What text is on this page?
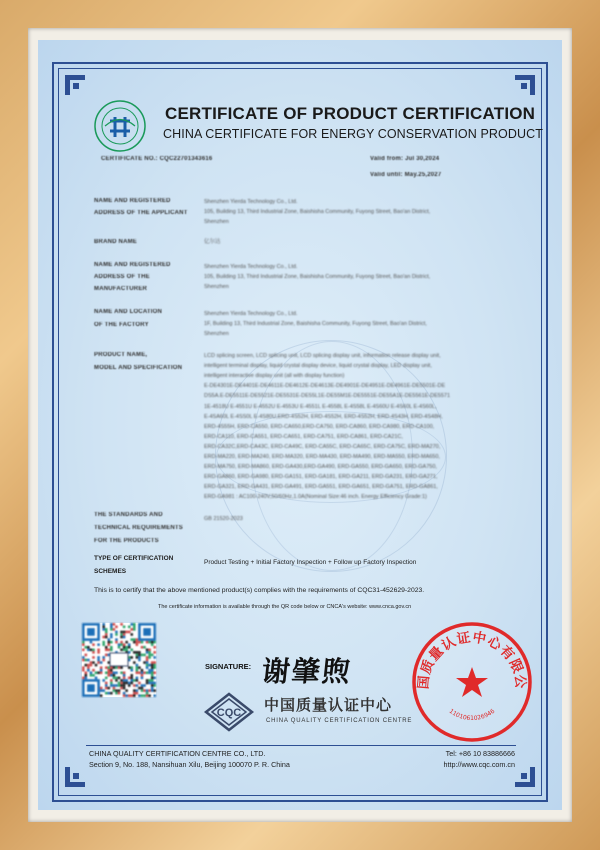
CERTIFICATE OF PRODUCT CERTIFICATION
CHINA CERTIFICATE FOR ENERGY CONSERVATION PRODUCT
CERTIFICATE NO.: CQC22701343616	Valid from: Jul 30,2024
Valid until: May.25,2027
NAME AND REGISTERED
ADDRESS OF THE APPLICANT
Shenzhen Yierda Technology Co., Ltd.
105, Building 13, Third Industrial Zone, Baishisha Community, Fuyong Street, Bao'an District,
Shenzhen
BRAND NAME	亿尔达
NAME AND REGISTERED
ADDRESS OF THE
MANUFACTURER
Shenzhen Yierda Technology Co., Ltd.
105, Building 13, Third Industrial Zone, Baishisha Community, Fuyong Street, Bao'an District,
Shenzhen
NAME AND LOCATION
OF THE FACTORY
Shenzhen Yierda Technology Co., Ltd.
1F, Building 13, Third Industrial Zone, Baishisha Community, Fuyong Street, Bao'an District,
Shenzhen
PRODUCT NAME,
MODEL AND SPECIFICATION
LCD splicing screen, LCD splicing unit, LCD splicing display unit, information release display unit,
intelligent terminal display, liquid crystal display device, liquid crystal display, LED display unit,
intelligent interactive display unit (all with display function)
E-DE4301E-DE4401E-DE4611E-DE4612E-DE4613E-DE4901E-DE4951E-DE4961E-DE5501E-DE
DS5A.E-DE5511E-DE5521E-DE5531E-DE55L1E-DE55M1E-DE5551E-DE55A1E-DE5561E-DE5571
1E-4518U E-4551U E-4552U E-4553U E-4551L E-4558L E-4S58L E-4S60U E-4S60L E-4S60L,
E-4SA60L E-4SS0L E-4S80U,ERD-4S52H, ERD-4S52H, ERD-4S52H, ERD-4S43H, ERD-4S48H,
ERD-4S55H, ERD-CA550, ERD-CA650,ERD-CA750, ERD-CA860, ERD-CA980, ERD-CA100,
ERD-CA110, ERD-CA551, ERD-CA651, ERD-CA751, ERD-CA861, ERD-CA21C,
ERD-CA32C,ERD-CA43C, ERD-CA49C, ERD-CA55C, ERD-CA65C, ERD-CA75C, ERD-MA270,
ERD-MA220, ERD-MA240, ERD-MA320, ERD-MA430, ERD-MA490, ERD-MA550, ERD-MA650,
ERD-MA750, ERD-MA860, ERD-GA430,ERD-GA490, ERD-GA550, ERD-GA650, ERD-GA750,
ERD-GA860, ERD-GA980, ERD-GA151, ERD-GA181, ERD-GA211, ERD-GA231, ERD-GA271,
ERD-GA321, ERD-GA431, ERD-GA491, ERD-GA551, ERD-GA651, ERD-GA751, ERD-GA861,
ERD-GA981 : AC100-240V,50/60Hz,1.0A(Nominal Size:46 inch. Energy Efficiency Grade:1)
THE STANDARDS AND
TECHNICAL REQUIREMENTS
FOR THE PRODUCTS
GB 21520-2023
TYPE OF CERTIFICATION
SCHEMES
Product Testing + Initial Factory Inspection + Follow up Factory Inspection
This is to certify that the above mentioned product(s) complies with the requirements of CQC31-452629-2023.
The certificate information is available through the QR code below or CNCA's website: www.cnca.gov.cn
SIGNATURE: 谢肇煦
CQC 中国质量认证中心
CHINA QUALITY CERTIFICATION CENTRE
国质量认证中心有限公
1101061026946
CHINA QUALITY CERTIFICATION CENTRE CO., LTD.
Section 9, No. 188, Nansihuan Xilu, Beijing 100070 P. R. China
Tel: +86 10 83886666
http://www.cqc.com.cn
